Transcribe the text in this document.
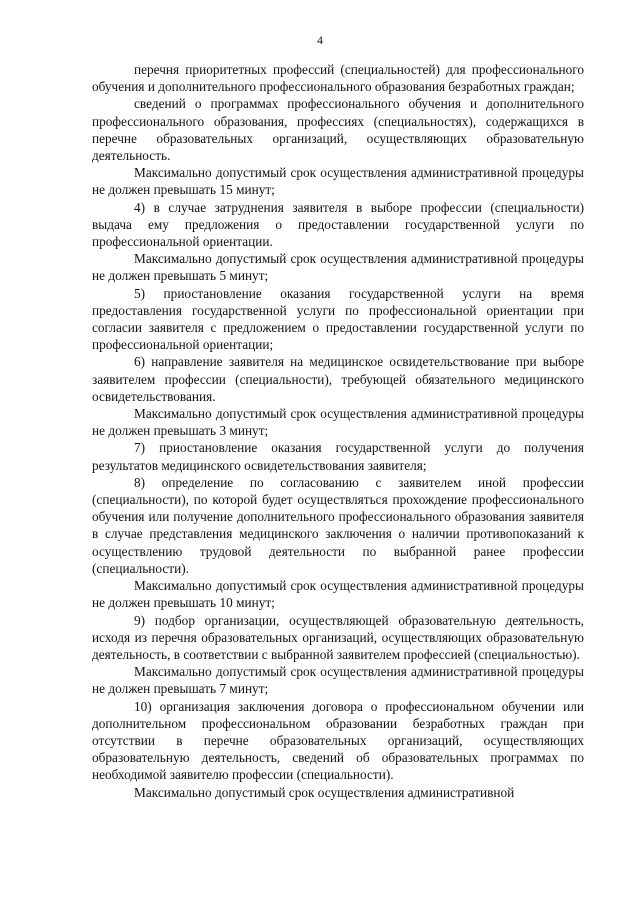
4

перечня приоритетных профессий (специальностей) для профессионального обучения и дополнительного профессионального образования безработных граждан;

сведений о программах профессионального обучения и дополнительного профессионального образования, профессиях (специальностях), содержащихся в перечне образовательных организаций, осуществляющих образовательную деятельность.

Максимально допустимый срок осуществления административной процедуры не должен превышать 15 минут;

4) в случае затруднения заявителя в выборе профессии (специальности) выдача ему предложения о предоставлении государственной услуги по профессиональной ориентации.

Максимально допустимый срок осуществления административной процедуры не должен превышать 5 минут;

5) приостановление оказания государственной услуги на время предоставления государственной услуги по профессиональной ориентации при согласии заявителя с предложением о предоставлении государственной услуги по профессиональной ориентации;

6) направление заявителя на медицинское освидетельствование при выборе заявителем профессии (специальности), требующей обязательного медицинского освидетельствования.

Максимально допустимый срок осуществления административной процедуры не должен превышать 3 минут;

7) приостановление оказания государственной услуги до получения результатов медицинского освидетельствования заявителя;

8) определение по согласованию с заявителем иной профессии (специальности), по которой будет осуществляться прохождение профессионального обучения или получение дополнительного профессионального образования заявителя в случае представления медицинского заключения о наличии противопоказаний к осуществлению трудовой деятельности по выбранной ранее профессии (специальности).

Максимально допустимый срок осуществления административной процедуры не должен превышать 10 минут;

9) подбор организации, осуществляющей образовательную деятельность, исходя из перечня образовательных организаций, осуществляющих образовательную деятельность, в соответствии с выбранной заявителем профессией (специальностью).

Максимально допустимый срок осуществления административной процедуры не должен превышать 7 минут;

10) организация заключения договора о профессиональном обучении или дополнительном профессиональном образовании безработных граждан при отсутствии в перечне образовательных организаций, осуществляющих образовательную деятельность, сведений об образовательных программах по необходимой заявителю профессии (специальности).

Максимально допустимый срок осуществления административной
